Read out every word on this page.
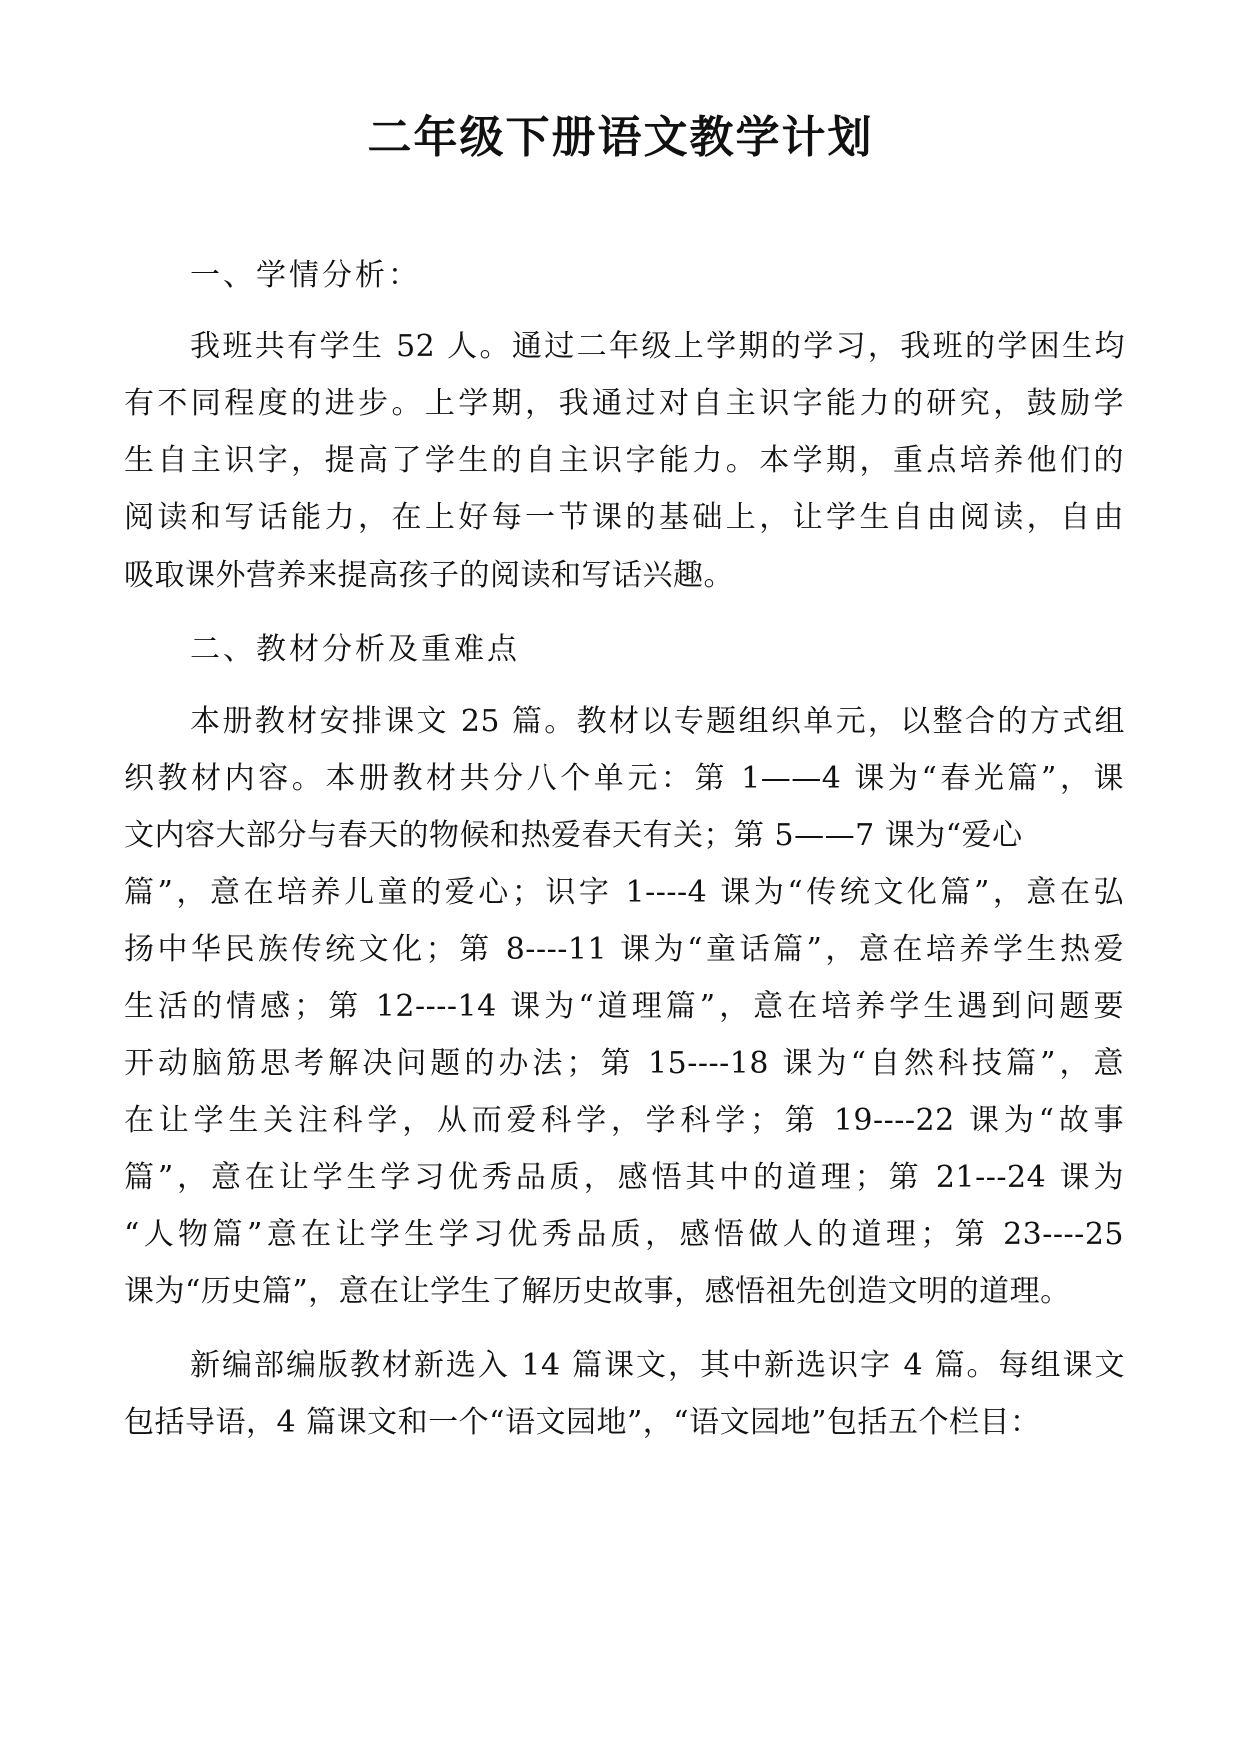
二年级下册语文教学计划
一、学情分析：
我班共有学生 52 人。通过二年级上学期的学习，我班的学困生均
有不同程度的进步。上学期，我通过对自主识字能力的研究，鼓励学
生自主识字，提高了学生的自主识字能力。本学期，重点培养他们的
阅读和写话能力，在上好每一节课的基础上，让学生自由阅读，自由
吸取课外营养来提高孩子的阅读和写话兴趣。
二、教材分析及重难点
本册教材安排课文 25 篇。教材以专题组织单元，以整合的方式组
织教材内容。本册教材共分八个单元：第 1——4 课为“春光篇”，课
文内容大部分与春天的物候和热爱春天有关；第 5——7 课为“爱心
篇”，意在培养儿童的爱心；识字 1----4 课为“传统文化篇”，意在弘
扬中华民族传统文化；第 8----11 课为“童话篇”，意在培养学生热爱
生活的情感；第 12----14 课为“道理篇”，意在培养学生遇到问题要
开动脑筋思考解决问题的办法；第 15----18 课为“自然科技篇”，意
在让学生关注科学，从而爱科学，学科学；第 19----22 课为“故事
篇”，意在让学生学习优秀品质，感悟其中的道理；第 21---24 课为
“人物篇”意在让学生学习优秀品质，感悟做人的道理；第 23----25
课为“历史篇”，意在让学生了解历史故事，感悟祖先创造文明的道理。
新编部编版教材新选入 14 篇课文，其中新选识字 4 篇。每组课文
包括导语，4 篇课文和一个“语文园地”，“语文园地”包括五个栏目：
